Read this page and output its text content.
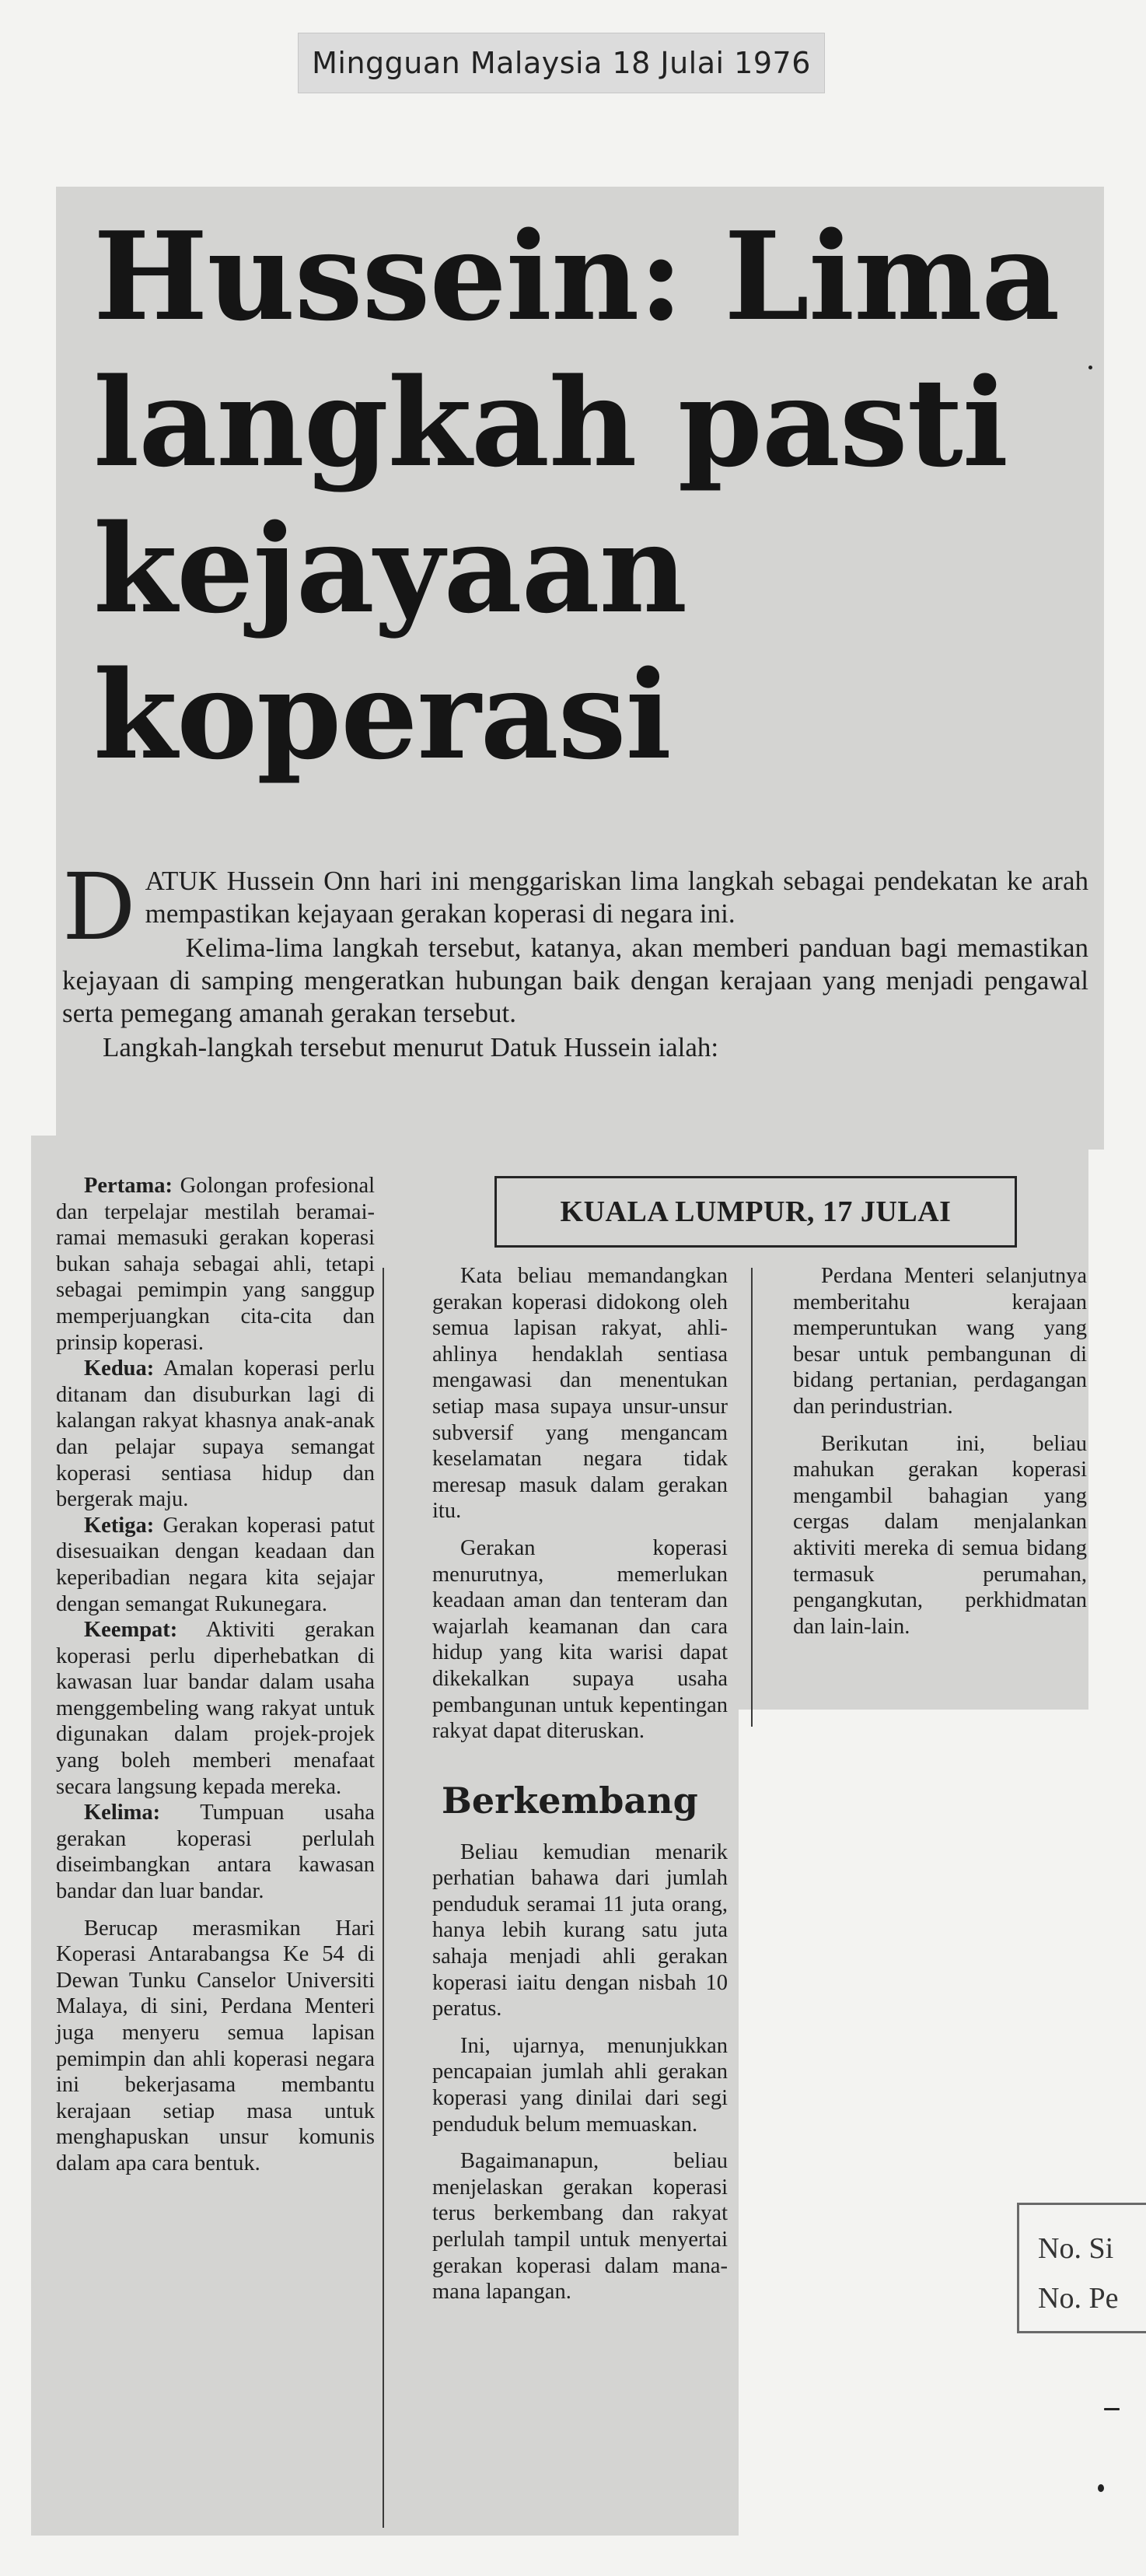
Mingguan Malaysia 18 Julai 1976
Hussein: Lima
langkah pasti
kejayaan
koperasi

DATUK Hussein Onn hari ini menggariskan lima langkah sebagai pendekatan ke arah mempastikan kejayaan gerakan koperasi di negara ini.

Kelima-lima langkah tersebut, katanya, akan memberi panduan bagi memastikan kejayaan di samping mengeratkan hubungan baik dengan kerajaan yang menjadi pengawal serta pemegang amanah gerakan tersebut.

Langkah-langkah tersebut menurut Datuk Hussein ialah:

KUALA LUMPUR, 17 JULAI

Pertama: Golongan profesional dan terpelajar mestilah beramai-ramai memasuki gerakan koperasi bukan sahaja sebagai ahli, tetapi sebagai pemimpin yang sanggup memperjuangkan cita-cita dan prinsip koperasi.

Kedua: Amalan koperasi perlu ditanam dan disuburkan lagi di kalangan rakyat khasnya anak-anak dan pelajar supaya semangat koperasi sentiasa hidup dan bergerak maju.

Ketiga: Gerakan koperasi patut disesuaikan dengan keadaan dan keperibadian negara kita sejajar dengan semangat Rukunegara.

Keempat: Aktiviti gerakan koperasi perlu diperhebatkan di kawasan luar bandar dalam usaha menggembeling wang rakyat untuk digunakan dalam projek-projek yang boleh memberi menafaat secara langsung kepada mereka.

Kelima: Tumpuan usaha gerakan koperasi perlulah diseimbangkan antara kawasan bandar dan luar bandar.

Berucap merasmikan Hari Koperasi Antarabangsa Ke 54 di Dewan Tunku Canselor Universiti Malaya, di sini, Perdana Menteri juga menyeru semua lapisan pemimpin dan ahli koperasi negara ini bekerjasama membantu kerajaan setiap masa untuk menghapuskan unsur komunis dalam apa cara bentuk.

Kata beliau memandangkan gerakan koperasi didokong oleh semua lapisan rakyat, ahli-ahlinya hendaklah sentiasa mengawasi dan menentukan setiap masa supaya unsur-unsur subversif yang mengancam keselamatan negara tidak meresap masuk dalam gerakan itu.

Gerakan koperasi menurutnya, memerlukan keadaan aman dan tenteram dan wajarlah keamanan dan cara hidup yang kita warisi dapat dikekalkan supaya usaha pembangunan untuk kepentingan rakyat dapat diteruskan.

Berkembang

Beliau kemudian menarik perhatian bahawa dari jumlah penduduk seramai 11 juta orang, hanya lebih kurang satu juta sahaja menjadi ahli gerakan koperasi iaitu dengan nisbah 10 peratus.

Ini, ujarnya, menunjukkan pencapaian jumlah ahli gerakan koperasi yang dinilai dari segi penduduk belum memuaskan.

Bagaimanapun, beliau menjelaskan gerakan koperasi terus berkembang dan rakyat perlulah tampil untuk menyertai gerakan koperasi dalam mana-mana lapangan.

Perdana Menteri selanjutnya memberitahu kerajaan memperuntukan wang yang besar untuk pembangunan di bidang pertanian, perdagangan dan perindustrian.

Berikutan ini, beliau mahukan gerakan koperasi mengambil bahagian yang cergas dalam menjalankan aktiviti mereka di semua bidang termasuk perumahan, pengangkutan, perkhidmatan dan lain-lain.

No. Si
No. Pe
